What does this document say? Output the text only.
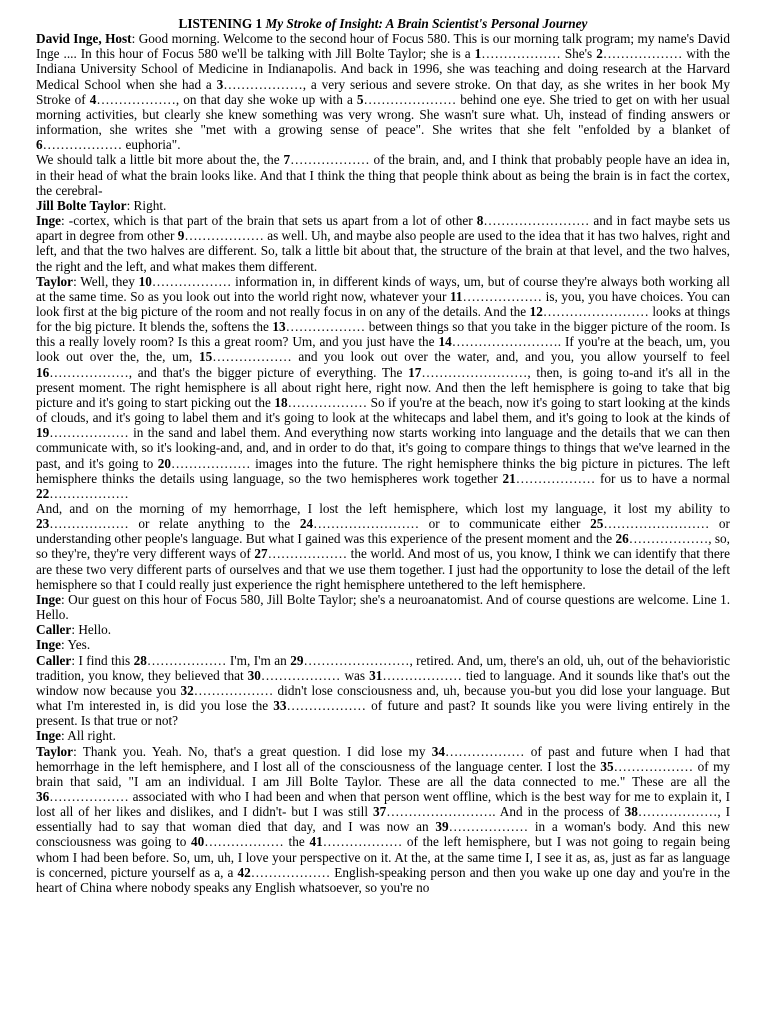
LISTENING 1 My Stroke of Insight: A Brain Scientist's Personal Journey

David Inge, Host: Good morning. Welcome to the second hour of Focus 580. This is our morning talk program; my name's David Inge .... In this hour of Focus 580 we'll be talking with Jill Bolte Taylor; she is a 1……………… She's 2……………… with the Indiana University School of Medicine in Indianapolis. And back in 1996, she was teaching and doing research at the Harvard Medical School when she had a 3………………, a very serious and severe stroke. On that day, as she writes in her book My Stroke of 4………………, on that day she woke up with a 5………………… behind one eye. She tried to get on with her usual morning activities, but clearly she knew something was very wrong. She wasn't sure what. Uh, instead of finding answers or information, she writes she "met with a growing sense of peace". She writes that she felt "enfolded by a blanket of 6……………… euphoria".

We should talk a little bit more about the, the 7……………… of the brain, and, and I think that probably people have an idea in, in their head of what the brain looks like. And that I think the thing that people think about as being the brain is in fact the cortex, the cerebral-

Jill Bolte Taylor: Right.

Inge: -cortex, which is that part of the brain that sets us apart from a lot of other 8…………………… and in fact maybe sets us apart in degree from other 9……………… as well. Uh, and maybe also people are used to the idea that it has two halves, right and left, and that the two halves are different. So, talk a little bit about that, the structure of the brain at that level, and the two halves, the right and the left, and what makes them different.

Taylor: Well, they 10……………… information in, in different kinds of ways, um, but of course they're always both working all at the same time. So as you look out into the world right now, whatever your 11……………… is, you, you have choices. You can look first at the big picture of the room and not really focus in on any of the details. And the 12…………………… looks at things for the big picture. It blends the, softens the 13……………… between things so that you take in the bigger picture of the room. Is this a really lovely room? Is this a great room? Um, and you just have the 14……………………. If you're at the beach, um, you look out over the, the, um, 15……………… and you look out over the water, and, and you, you allow yourself to feel 16………………, and that's the bigger picture of everything. The 17……………………, then, is going to-and it's all in the present moment. The right hemisphere is all about right here, right now. And then the left hemisphere is going to take that big picture and it's going to start picking out the 18……………… So if you're at the beach, now it's going to start looking at the kinds of clouds, and it's going to label them and it's going to look at the whitecaps and label them, and it's going to look at the kinds of 19……………… in the sand and label them. And everything now starts working into language and the details that we can then communicate with, so it's looking-and, and, and in order to do that, it's going to compare things to things that we've learned in the past, and it's going to 20……………… images into the future. The right hemisphere thinks the big picture in pictures. The left hemisphere thinks the details using language, so the two hemispheres work together 21……………… for us to have a normal 22………………

And, and on the morning of my hemorrhage, I lost the left hemisphere, which lost my language, it lost my ability to 23……………… or relate anything to the 24…………………… or to communicate either 25…………………… or understanding other people's language. But what I gained was this experience of the present moment and the 26………………, so, so they're, they're very different ways of 27……………… the world. And most of us, you know, I think we can identify that there are these two very different parts of ourselves and that we use them together. I just had the opportunity to lose the detail of the left hemisphere so that I could really just experience the right hemisphere untethered to the left hemisphere.

Inge: Our guest on this hour of Focus 580, Jill Bolte Taylor; she's a neuroanatomist. And of course questions are welcome. Line 1. Hello.

Caller: Hello.

Inge: Yes.

Caller: I find this 28……………… I'm, I'm an 29……………………, retired. And, um, there's an old, uh, out of the behavioristic tradition, you know, they believed that 30……………… was 31……………… tied to language. And it sounds like that's out the window now because you 32……………… didn't lose consciousness and, uh, because you-but you did lose your language. But what I'm interested in, is did you lose the 33……………… of future and past? It sounds like you were living entirely in the present. Is that true or not?

Inge: All right.

Taylor: Thank you. Yeah. No, that's a great question. I did lose my 34……………… of past and future when I had that hemorrhage in the left hemisphere, and I lost all of the consciousness of the language center. I lost the 35……………… of my brain that said, "I am an individual. I am Jill Bolte Taylor. These are all the data connected to me." These are all the 36……………… associated with who I had been and when that person went offline, which is the best way for me to explain it, I lost all of her likes and dislikes, and I didn't- but I was still 37……………………. And in the process of 38………………, I essentially had to say that woman died that day, and I was now an 39……………… in a woman's body. And this new consciousness was going to 40……………… the 41……………… of the left hemisphere, but I was not going to regain being whom I had been before. So, um, uh, I love your perspective on it. At the, at the same time I, I see it as, as, just as far as language is concerned, picture yourself as a, a 42……………… English-speaking person and then you wake up one day and you're in the heart of China where nobody speaks any English whatsoever, so you're no
